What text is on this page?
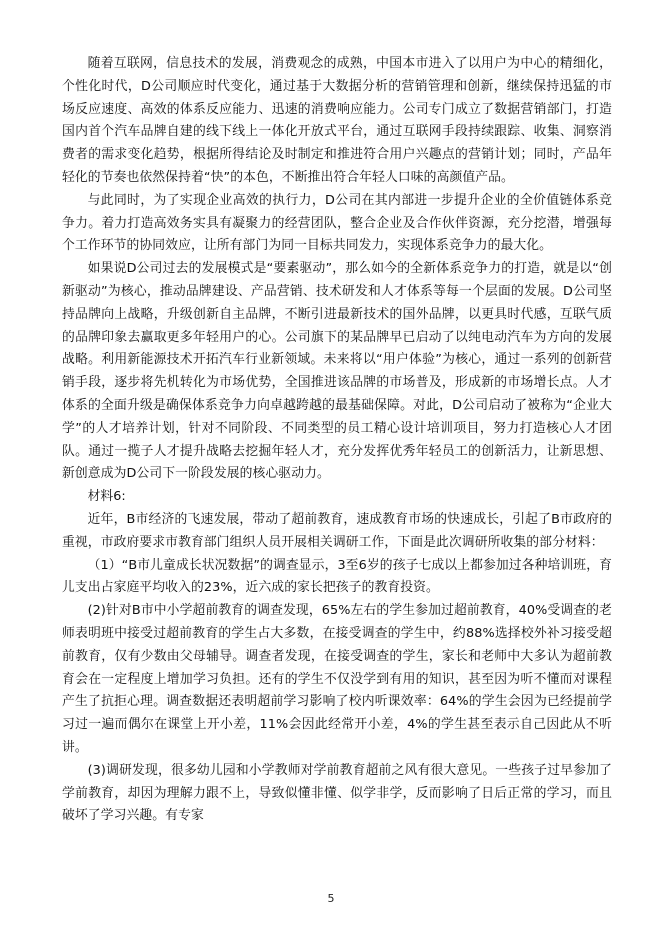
随着互联网，信息技术的发展，消费观念的成熟，中国本市进入了以用户为中心的精细化，个性化时代，D公司顺应时代变化，通过基于大数据分析的营销管理和创新，继续保持迅猛的市场反应速度、高效的体系反应能力、迅速的消费响应能力。公司专门成立了数据营销部门，打造国内首个汽车品牌自建的线下线上一体化开放式平台，通过互联网手段持续跟踪、收集、洞察消费者的需求变化趋势，根据所得结论及时制定和推进符合用户兴趣点的营销计划；同时，产品年轻化的节奏也依然保持着“快”的本色，不断推出符合年轻人口味的高颜值产品。

与此同时，为了实现企业高效的执行力，D公司在其内部进一步提升企业的全价值链体系竞争力。着力打造高效务实具有凝聚力的经营团队，整合企业及合作伙伴资源，充分挖潜，增强每个工作环节的协同效应，让所有部门为同一目标共同发力，实现体系竞争力的最大化。

如果说D公司过去的发展模式是“要素驱动”，那么如今的全新体系竞争力的打造，就是以“创新驱动”为核心，推动品牌建设、产品营销、技术研发和人才体系等每一个层面的发展。D公司坚持品牌向上战略，升级创新自主品牌，不断引进最新技术的国外品牌，以更具时代感，互联气质的品牌印象去赢取更多年轻用户的心。公司旗下的某品牌早已启动了以纯电动汽车为方向的发展战略。利用新能源技术开拓汽车行业新领域。未来将以“用户体验”为核心，通过一系列的创新营销手段，逐步将先机转化为市场优势，全国推进该品牌的市场普及，形成新的市场增长点。人才体系的全面升级是确保体系竞争力向卓越跨越的最基础保障。对此，D公司启动了被称为“企业大学”的人才培养计划，针对不同阶段、不同类型的员工精心设计培训项目，努力打造核心人才团队。通过一揽子人才提升战略去挖掘年轻人才，充分发挥优秀年轻员工的创新活力，让新思想、新创意成为D公司下一阶段发展的核心驱动力。

材料6:

近年，B市经济的飞速发展，带动了超前教育，速成教育市场的快速成长，引起了B市政府的重视，市政府要求市教育部门组织人员开展相关调研工作，下面是此次调研所收集的部分材料：

（1）“B市儿童成长状况数据”的调查显示，3至6岁的孩子七成以上都参加过各种培训班，育儿支出占家庭平均收入的23%，近六成的家长把孩子的教育投资。

(2)针对B市中小学超前教育的调查发现，65%左右的学生参加过超前教育，40%受调查的老师表明班中接受过超前教育的学生占大多数，在接受调查的学生中，约88%选择校外补习接受超前教育，仅有少数由父母辅导。调查者发现，在接受调查的学生，家长和老师中大多认为超前教育会在一定程度上增加学习负担。还有的学生不仅没学到有用的知识，甚至因为听不懂而对课程产生了抗拒心理。调查数据还表明超前学习影响了校内听课效率：64%的学生会因为已经提前学习过一遍而偶尔在课堂上开小差，11%会因此经常开小差，4%的学生甚至表示自己因此从不听讲。

(3)调研发现，很多幼儿园和小学教师对学前教育超前之风有很大意见。一些孩子过早参加了学前教育，却因为理解力跟不上，导致似懂非懂、似学非学，反而影响了日后正常的学习，而且破坏了学习兴趣。有专家

5
